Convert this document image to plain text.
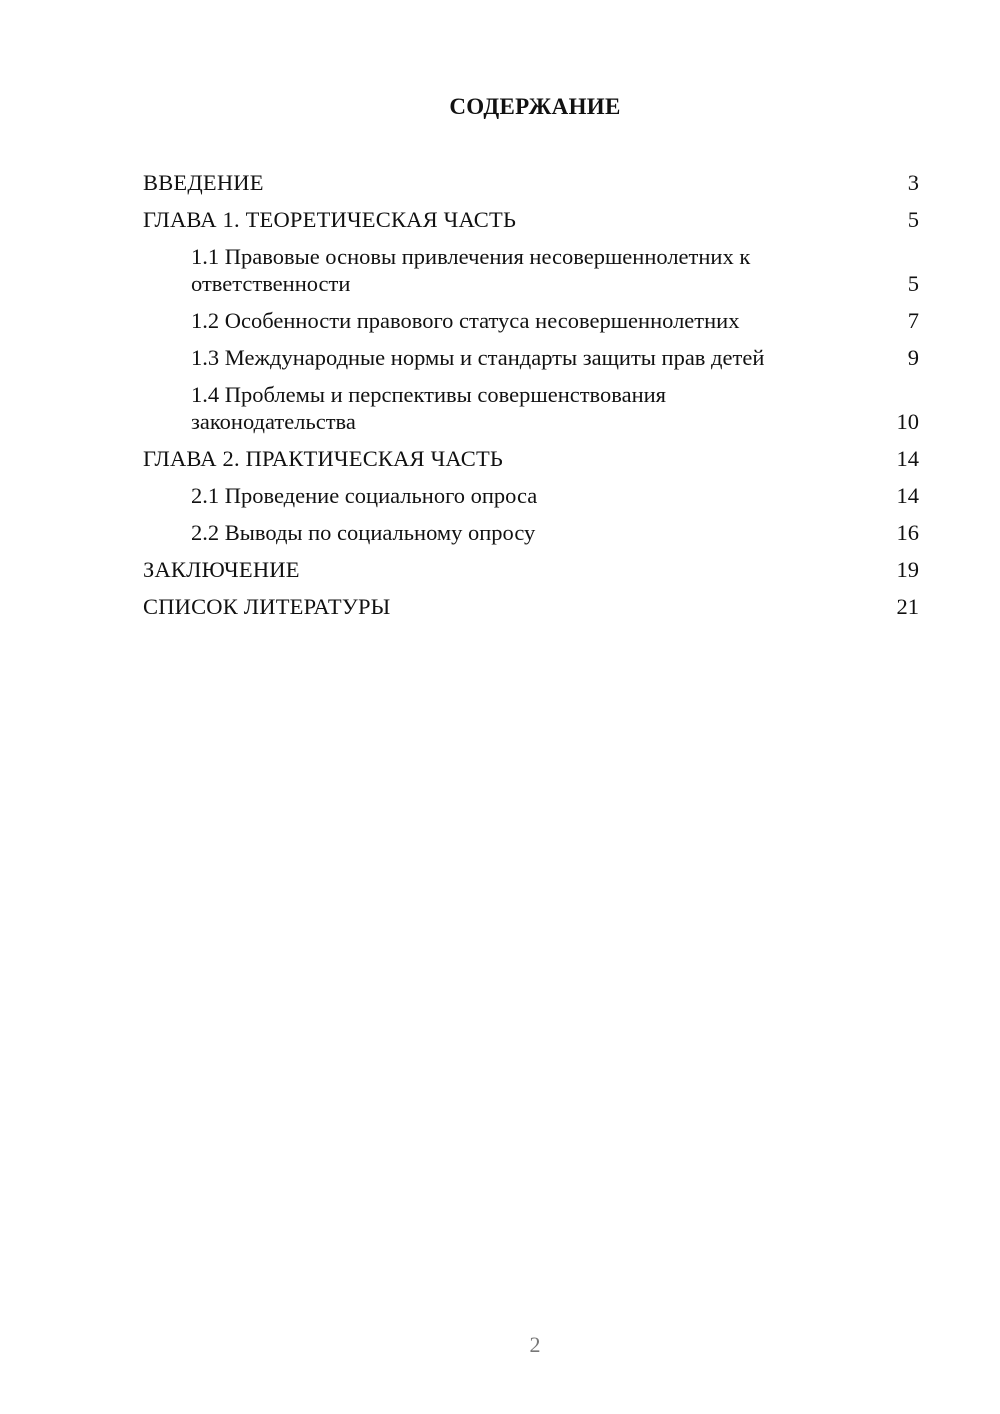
СОДЕРЖАНИЕ
ВВЕДЕНИЕ	3
ГЛАВА 1. ТЕОРЕТИЧЕСКАЯ ЧАСТЬ	5
1.1 Правовые основы привлечения несовершеннолетних к ответственности	5
1.2 Особенности правового статуса несовершеннолетних	7
1.3 Международные нормы и стандарты защиты прав детей	9
1.4 Проблемы и перспективы совершенствования законодательства	10
ГЛАВА 2. ПРАКТИЧЕСКАЯ ЧАСТЬ	14
2.1 Проведение социального опроса	14
2.2 Выводы по социальному опросу	16
ЗАКЛЮЧЕНИЕ	19
СПИСОК ЛИТЕРАТУРЫ	21
2
